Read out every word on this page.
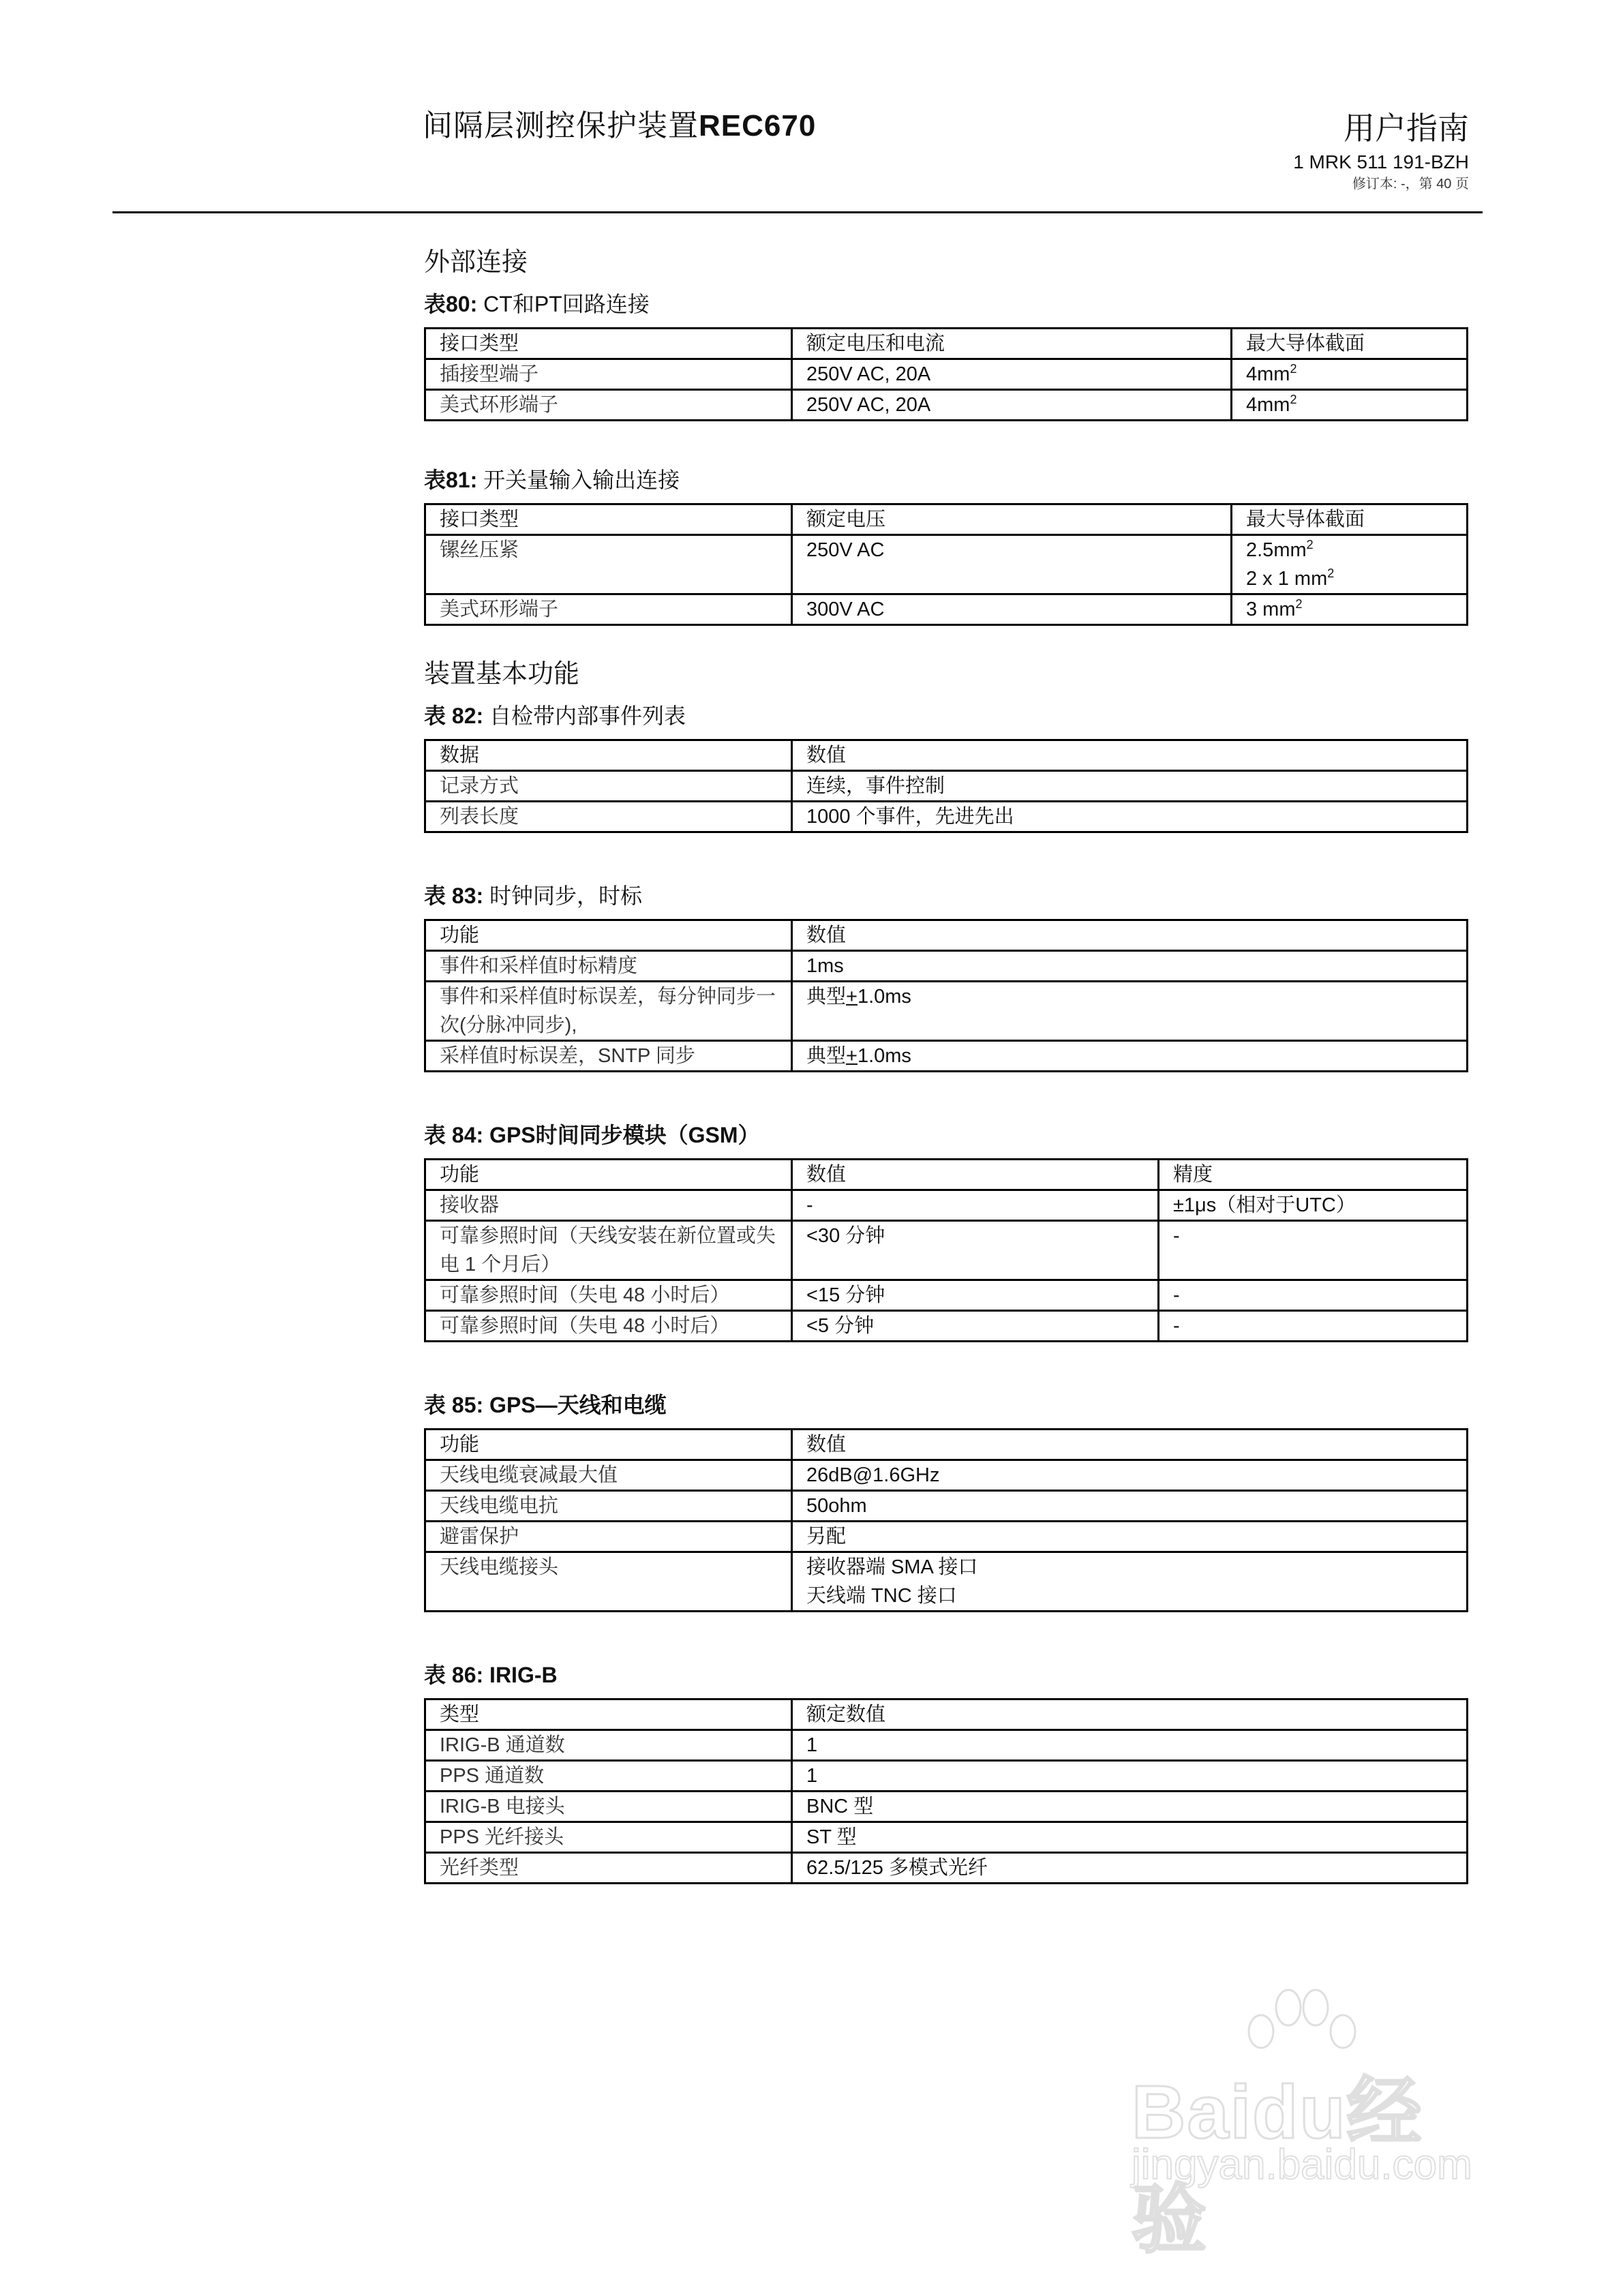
间隔层测控保护装置REC670	用户指南
1 MRK 511 191-BZH
修订本: -，第 40 页
外部连接
表80: CT和PT回路连接
接口类型	额定电压和电流	最大导体截面
插接型端子	250V AC, 20A	$4mm^2$
美式环形端子	250V AC, 20A	$4mm^2$
表81: 开关量输入输出连接
接口类型	额定电压	最大导体截面
镙丝压紧	250V AC	$2.5mm^2$
2 x 1 $mm^2$
美式环形端子	300V AC	3 $mm^2$
装置基本功能
表 82: 自检带内部事件列表
数据	数值
记录方式	连续，事件控制
列表长度	1000 个事件，先进先出
表 83: 时钟同步，时标
功能	数值
事件和采样值时标精度	1ms
事件和采样值时标误差，每分钟同步一次(分脉冲同步),	典型+1.0ms
采样值时标误差，SNTP 同步	典型+1.0ms
表 84: GPS时间同步模块（GSM）
功能	数值	精度
接收器	-	±1μs（相对于UTC）
可靠参照时间（天线安装在新位置或失电 1 个月后）	<30 分钟	-
可靠参照时间（失电 48 小时后）	<15 分钟	-
可靠参照时间（失电 48 小时后）	<5 分钟	-
表 85: GPS—天线和电缆
功能	数值
天线电缆衰减最大值	26dB@1.6GHz
天线电缆电抗	50ohm
避雷保护	另配
天线电缆接头	接收器端 SMA 接口
天线端 TNC 接口
表 86: IRIG-B
类型	额定数值
IRIG-B 通道数	1
PPS 通道数	1
IRIG-B 电接头	BNC 型
PPS 光纤接头	ST 型
光纤类型	62.5/125 多模式光纤
Baidu经验
jingyan.baidu.com
